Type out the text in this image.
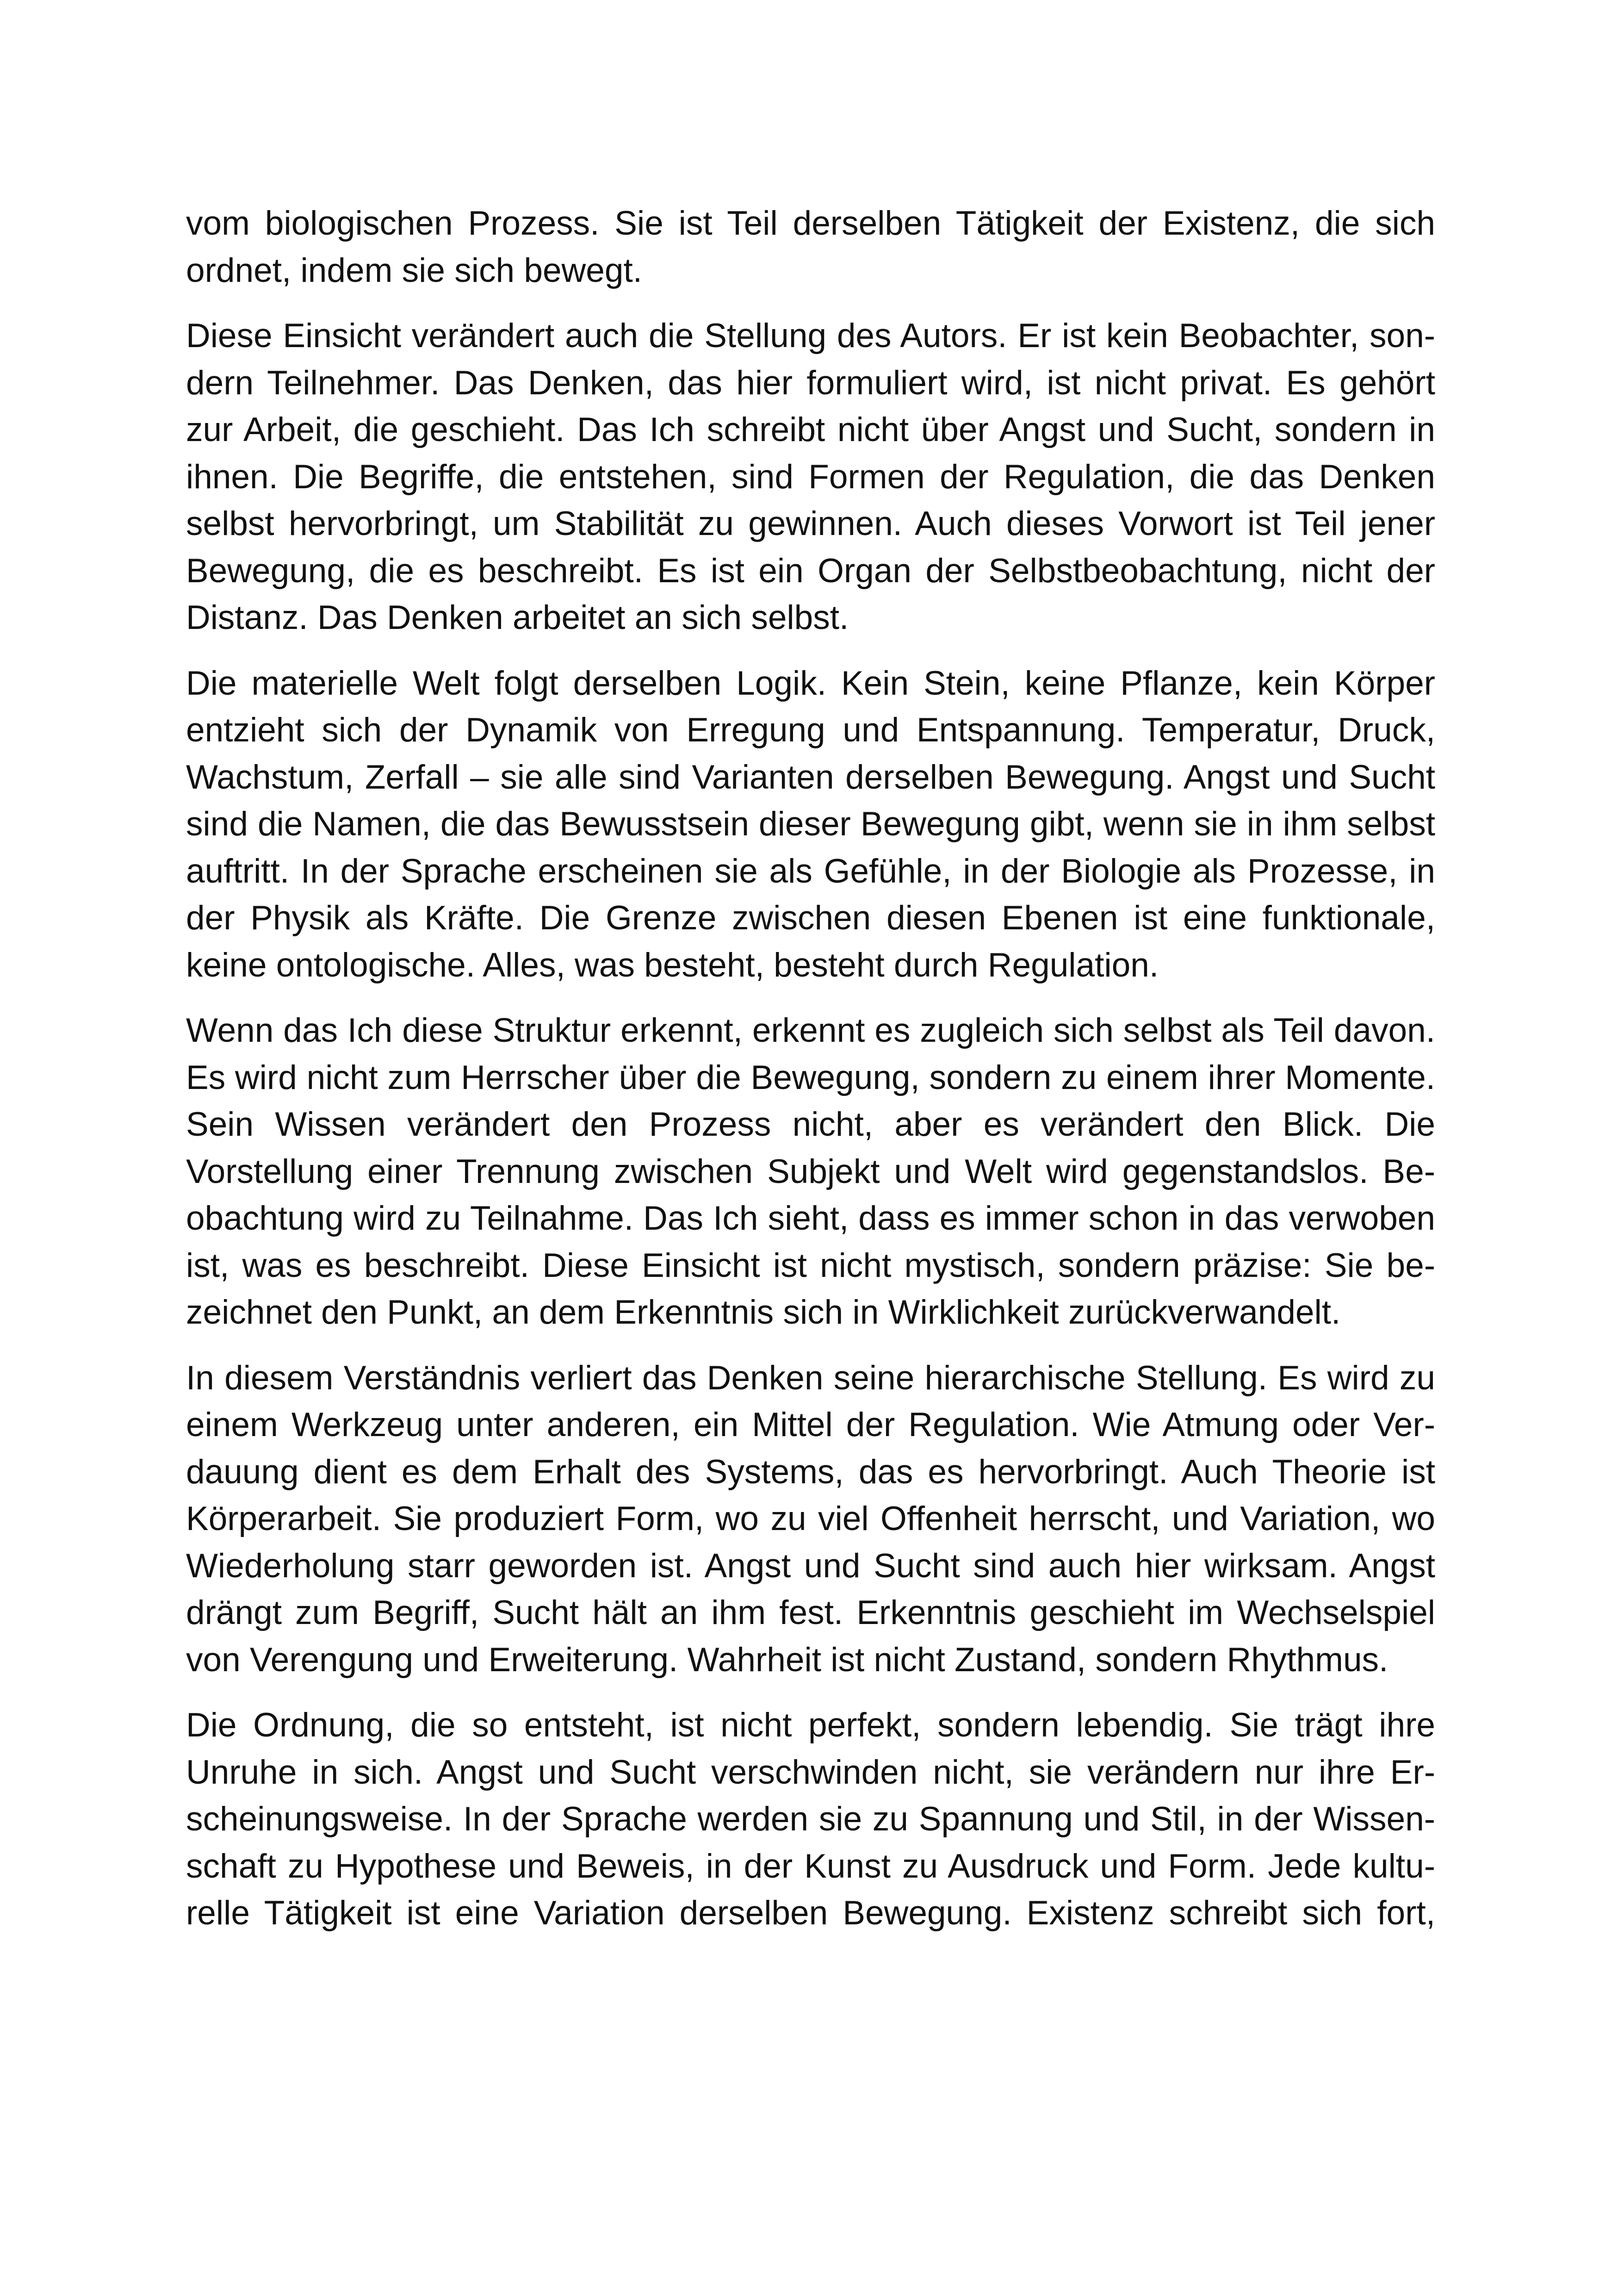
vom biologischen Prozess. Sie ist Teil derselben Tätigkeit der Existenz, die sich ordnet, indem sie sich bewegt.

Diese Einsicht verändert auch die Stellung des Autors. Er ist kein Beobachter, sondern Teilnehmer. Das Denken, das hier formuliert wird, ist nicht privat. Es gehört zur Arbeit, die geschieht. Das Ich schreibt nicht über Angst und Sucht, sondern in ihnen. Die Begriffe, die entstehen, sind Formen der Regulation, die das Denken selbst hervorbringt, um Stabilität zu gewinnen. Auch dieses Vorwort ist Teil jener Bewegung, die es beschreibt. Es ist ein Organ der Selbstbeobachtung, nicht der Distanz. Das Denken arbeitet an sich selbst.

Die materielle Welt folgt derselben Logik. Kein Stein, keine Pflanze, kein Körper entzieht sich der Dynamik von Erregung und Entspannung. Temperatur, Druck, Wachstum, Zerfall – sie alle sind Varianten derselben Bewegung. Angst und Sucht sind die Namen, die das Bewusstsein dieser Bewegung gibt, wenn sie in ihm selbst auftritt. In der Sprache erscheinen sie als Gefühle, in der Biologie als Prozesse, in der Physik als Kräfte. Die Grenze zwischen diesen Ebenen ist eine funktionale, keine ontologische. Alles, was besteht, besteht durch Regulation.

Wenn das Ich diese Struktur erkennt, erkennt es zugleich sich selbst als Teil davon. Es wird nicht zum Herrscher über die Bewegung, sondern zu einem ihrer Momente. Sein Wissen verändert den Prozess nicht, aber es verändert den Blick. Die Vorstellung einer Trennung zwischen Subjekt und Welt wird gegenstandslos. Beobachtung wird zu Teilnahme. Das Ich sieht, dass es immer schon in das verwoben ist, was es beschreibt. Diese Einsicht ist nicht mystisch, sondern präzise: Sie bezeichnet den Punkt, an dem Erkenntnis sich in Wirklichkeit zurückverwandelt.

In diesem Verständnis verliert das Denken seine hierarchische Stellung. Es wird zu einem Werkzeug unter anderen, ein Mittel der Regulation. Wie Atmung oder Verdauung dient es dem Erhalt des Systems, das es hervorbringt. Auch Theorie ist Körperarbeit. Sie produziert Form, wo zu viel Offenheit herrscht, und Variation, wo Wiederholung starr geworden ist. Angst und Sucht sind auch hier wirksam. Angst drängt zum Begriff, Sucht hält an ihm fest. Erkenntnis geschieht im Wechselspiel von Verengung und Erweiterung. Wahrheit ist nicht Zustand, sondern Rhythmus.

Die Ordnung, die so entsteht, ist nicht perfekt, sondern lebendig. Sie trägt ihre Unruhe in sich. Angst und Sucht verschwinden nicht, sie verändern nur ihre Erscheinungsweise. In der Sprache werden sie zu Spannung und Stil, in der Wissenschaft zu Hypothese und Beweis, in der Kunst zu Ausdruck und Form. Jede kulturelle Tätigkeit ist eine Variation derselben Bewegung. Existenz schreibt sich fort,
